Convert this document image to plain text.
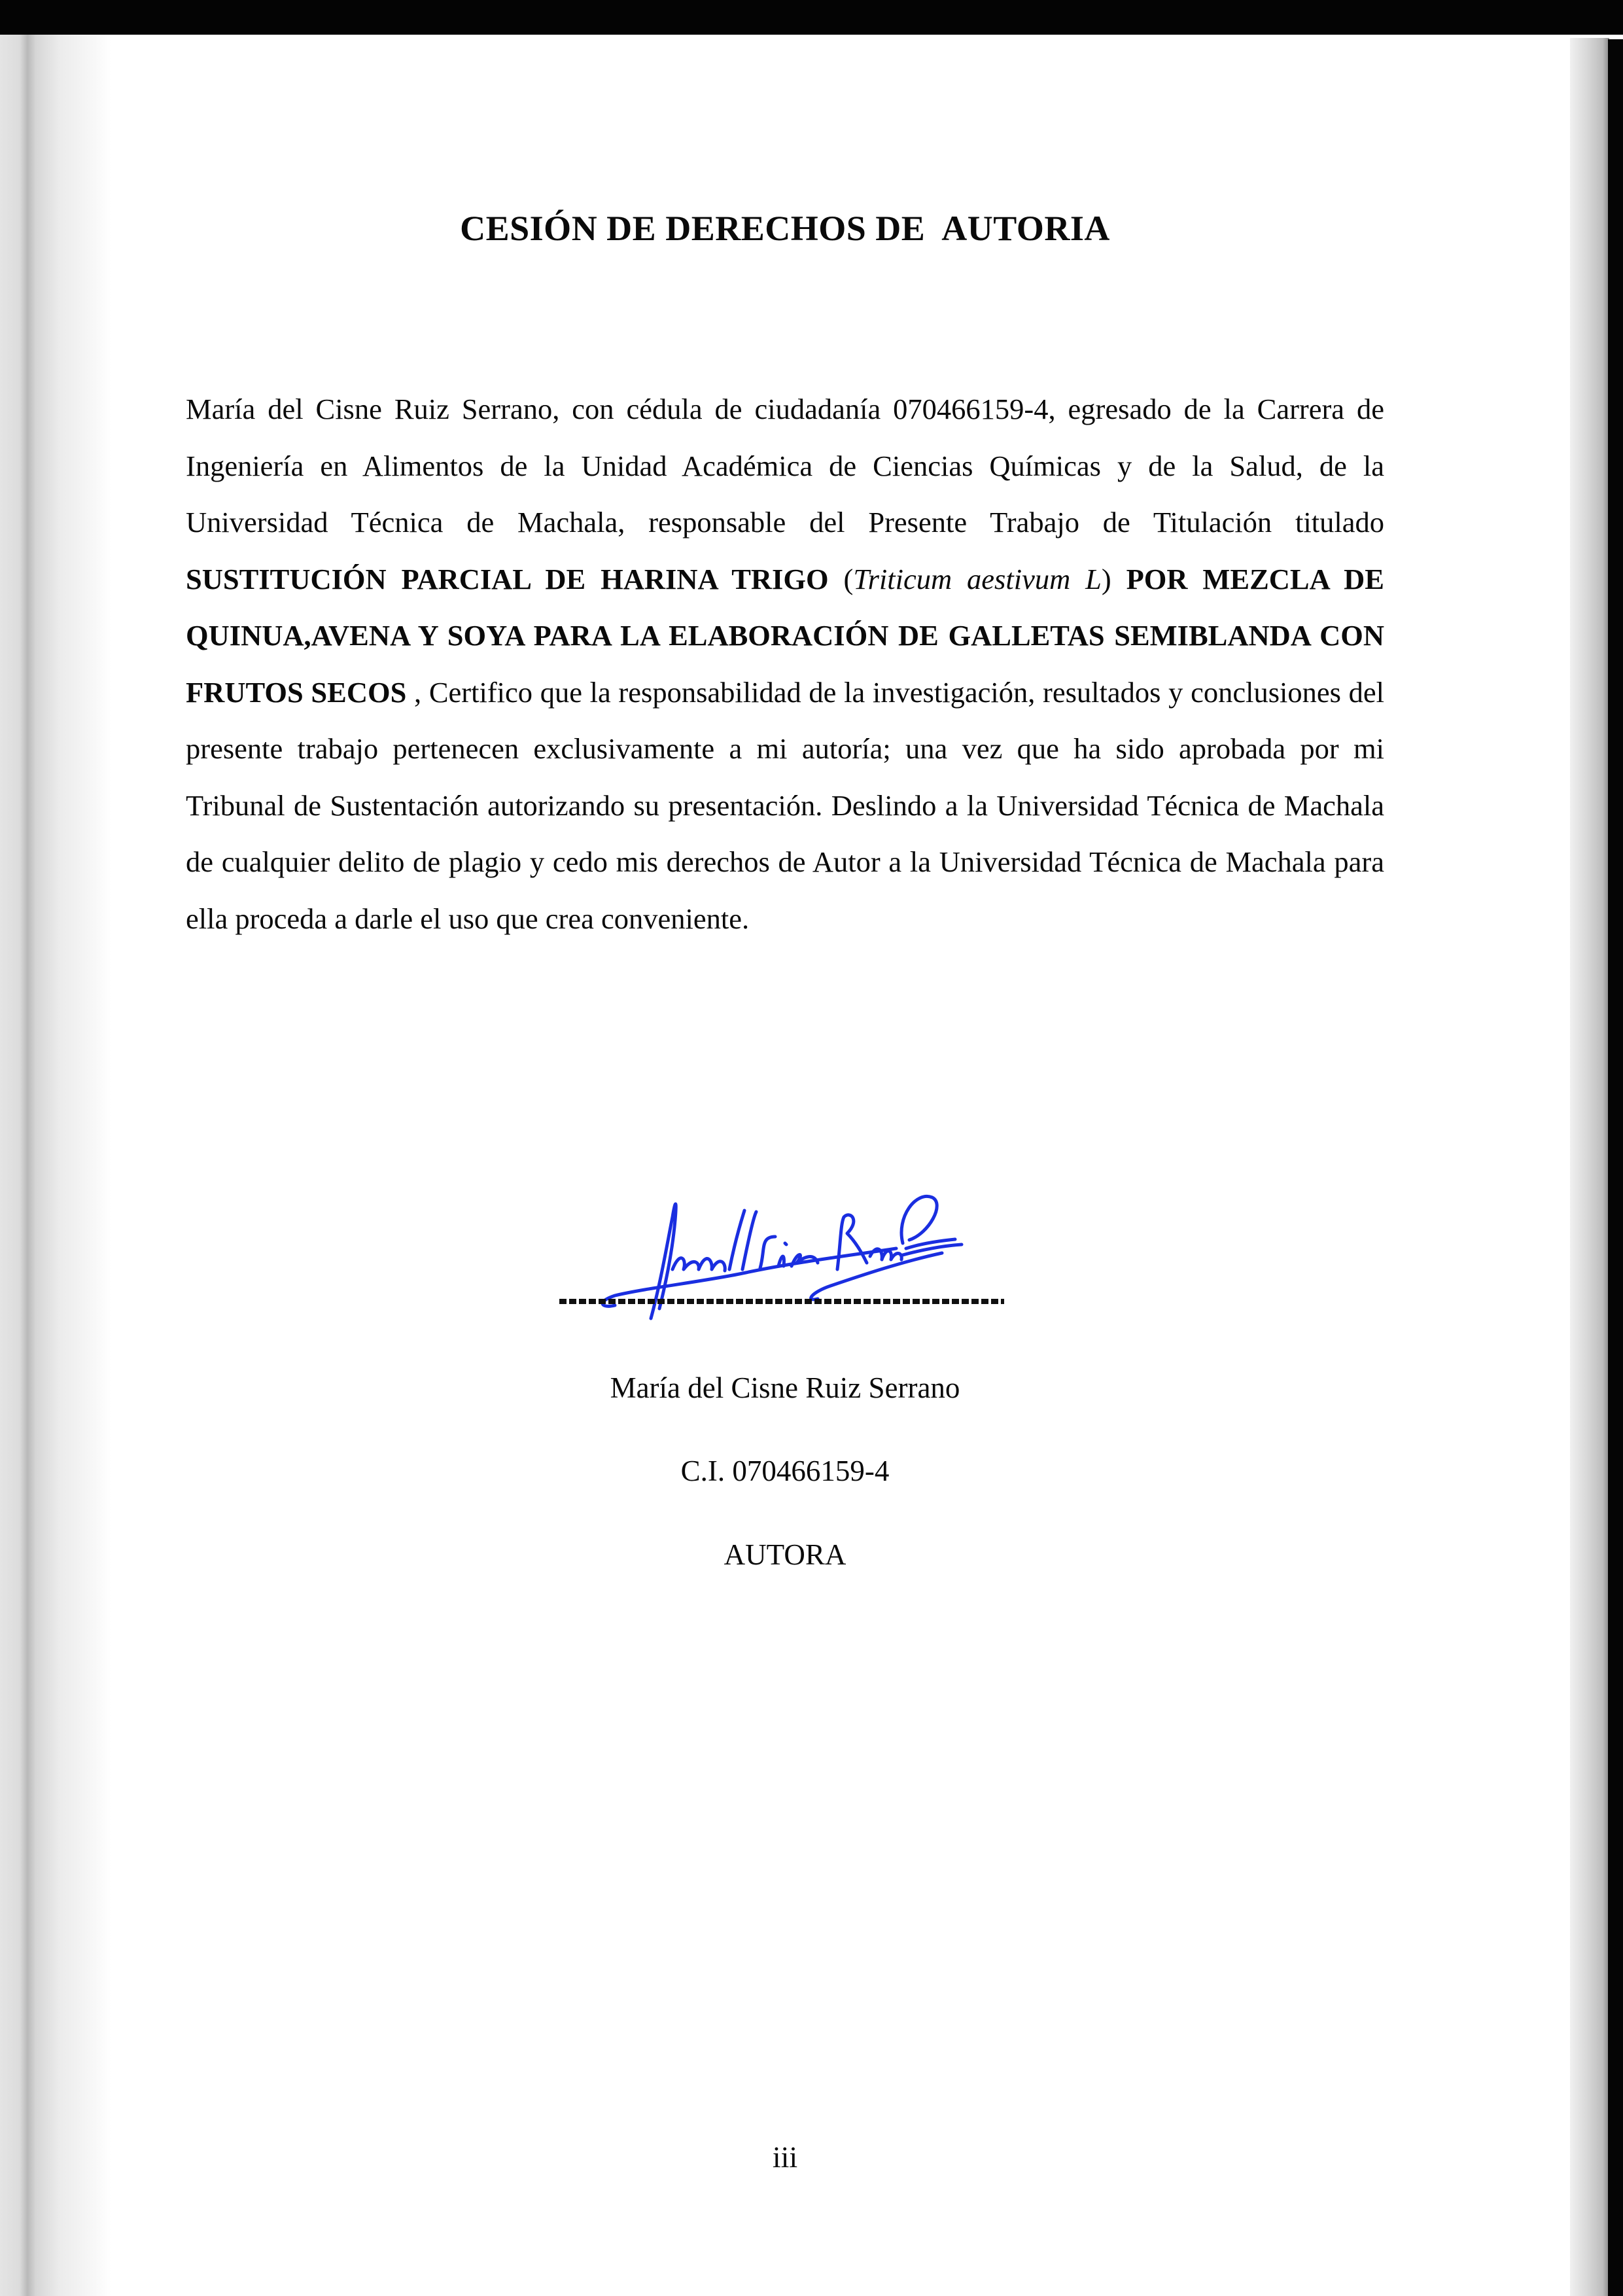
CESIÓN DE DERECHOS DE  AUTORIA

María del Cisne Ruiz Serrano, con cédula de ciudadanía 070466159-4, egresado de la Carrera de Ingeniería en Alimentos de la Unidad Académica de Ciencias Químicas y de la Salud, de la Universidad Técnica de Machala, responsable del Presente Trabajo de Titulación titulado SUSTITUCIÓN PARCIAL DE HARINA TRIGO (Triticum aestivum L) POR MEZCLA DE QUINUA,AVENA Y SOYA PARA LA ELABORACIÓN DE GALLETAS SEMIBLANDA CON FRUTOS SECOS , Certifico que la responsabilidad de la investigación, resultados y conclusiones del presente trabajo pertenecen exclusivamente a mi autoría; una vez que ha sido aprobada por mi Tribunal de Sustentación autorizando su presentación. Deslindo a la Universidad Técnica de Machala de cualquier delito de plagio y cedo mis derechos de Autor a la Universidad Técnica de Machala para ella proceda a darle el uso que crea conveniente.

María del Cisne Ruiz Serrano
C.I. 070466159-4
AUTORA
iii
